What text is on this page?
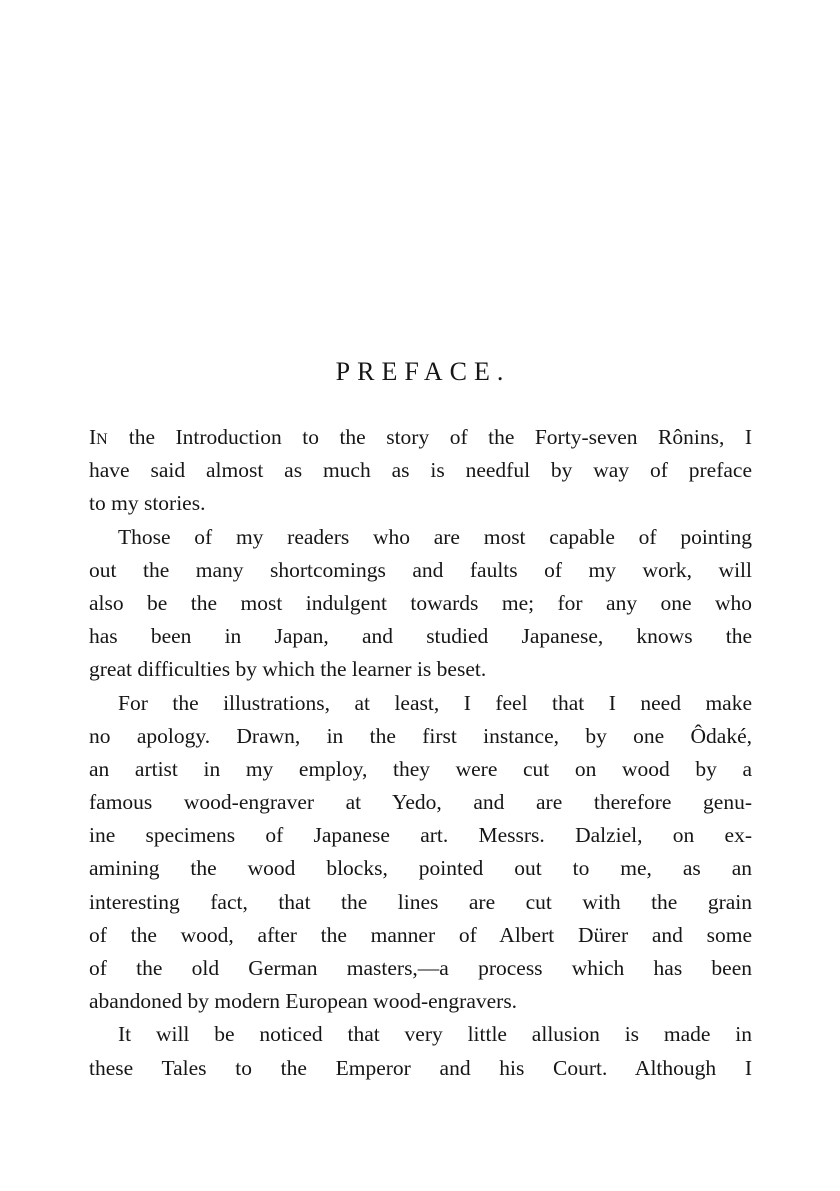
PREFACE.
IN the Introduction to the story of the Forty-seven Rônins, I
have said almost as much as is needful by way of preface
to my stories.
Those of my readers who are most capable of pointing
out the many shortcomings and faults of my work, will
also be the most indulgent towards me; for any one who
has been in Japan, and studied Japanese, knows the
great difficulties by which the learner is beset.
For the illustrations, at least, I feel that I need make
no apology. Drawn, in the first instance, by one Ôdaké,
an artist in my employ, they were cut on wood by a
famous wood-engraver at Yedo, and are therefore genu-
ine specimens of Japanese art. Messrs. Dalziel, on ex-
amining the wood blocks, pointed out to me, as an
interesting fact, that the lines are cut with the grain
of the wood, after the manner of Albert Dürer and some
of the old German masters,—a process which has been
abandoned by modern European wood-engravers.
It will be noticed that very little allusion is made in
these Tales to the Emperor and his Court. Although I
